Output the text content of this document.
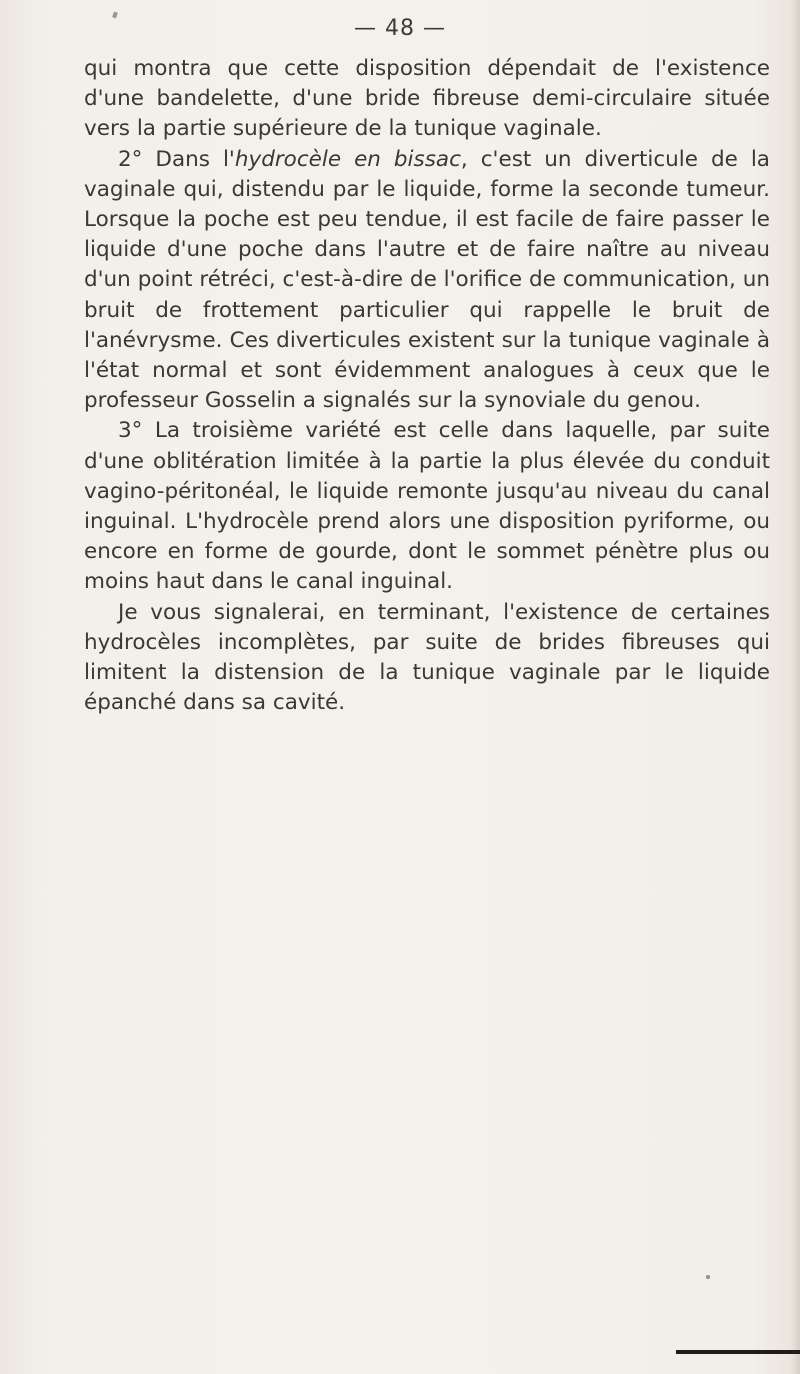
— 48 —

qui montra que cette disposition dépendait de l'existence d'une bandelette, d'une bride fibreuse demi-circulaire située vers la partie supérieure de la tunique vaginale.

2° Dans l'hydrocèle en bissac, c'est un diverticule de la vaginale qui, distendu par le liquide, forme la seconde tumeur. Lorsque la poche est peu tendue, il est facile de faire passer le liquide d'une poche dans l'autre et de faire naître au niveau d'un point rétréci, c'est-à-dire de l'orifice de communication, un bruit de frottement particulier qui rappelle le bruit de l'anévrysme. Ces diverticules existent sur la tunique vaginale à l'état normal et sont évidemment analogues à ceux que le professeur Gosselin a signalés sur la synoviale du genou.

3° La troisième variété est celle dans laquelle, par suite d'une oblitération limitée à la partie la plus élevée du conduit vagino-péritonéal, le liquide remonte jusqu'au niveau du canal inguinal. L'hydrocèle prend alors une disposition pyriforme, ou encore en forme de gourde, dont le sommet pénètre plus ou moins haut dans le canal inguinal.

Je vous signalerai, en terminant, l'existence de certaines hydrocèles incomplètes, par suite de brides fibreuses qui limitent la distension de la tunique vaginale par le liquide épanché dans sa cavité.
